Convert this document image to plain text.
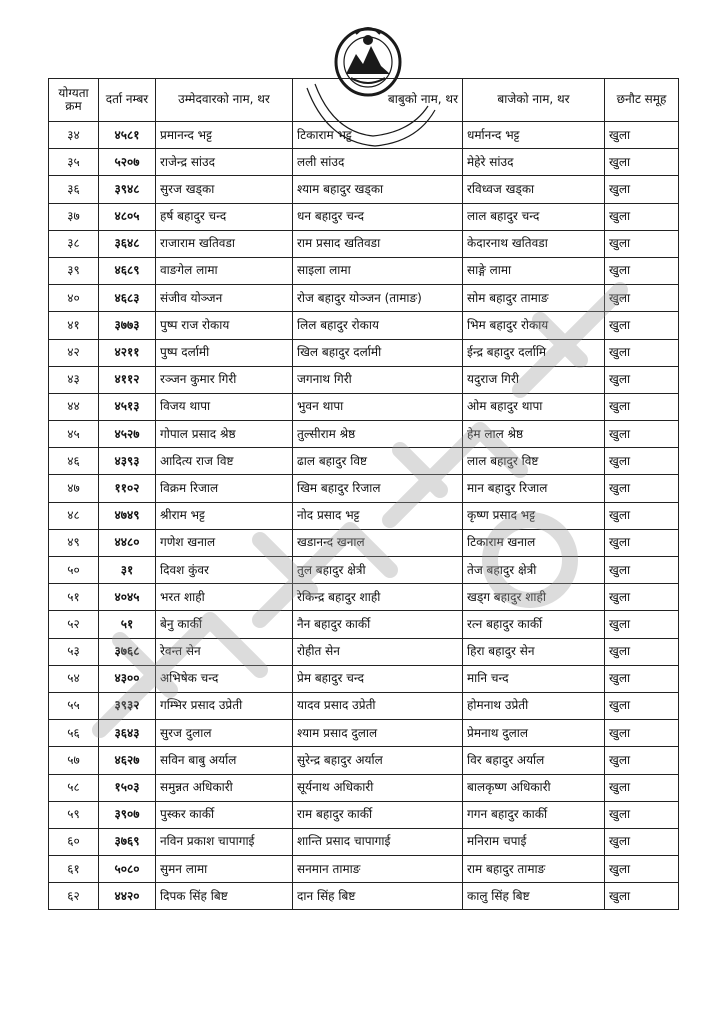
योग्यता क्रम	दर्ता नम्बर	उम्मेदवारको नाम, थर	बाबुको नाम, थर	बाजेको नाम, थर	छनौट समूह
३४	४५८१	प्रमानन्द भट्ट	टिकाराम भट्ट	धर्मानन्द भट्ट	खुला
३५	५२०७	राजेन्द्र सांउद	लली सांउद	मेहेरे सांउद	खुला
३६	३९४८	सुरज खड्का	श्याम बहादुर खड्का	रविध्वज खड्का	खुला
३७	४८०५	हर्ष बहादुर चन्द	धन बहादुर चन्द	लाल बहादुर चन्द	खुला
३८	३६४८	राजाराम खतिवडा	राम प्रसाद खतिवडा	केदारनाथ खतिवडा	खुला
३९	४६८९	वाङगेल लामा	साइला लामा	साङ्गे लामा	खुला
४०	४६८३	संजीव योञ्जन	रोज बहादुर योञ्जन (तामाङ)	सोम बहादुर तामाङ	खुला
४१	३७७३	पुष्प राज रोकाय	लिल बहादुर रोकाय	भिम बहादुर रोकाय	खुला
४२	४२११	पुष्प दर्लामी	खिल बहादुर दर्लामी	ईन्द्र बहादुर दर्लामि	खुला
४३	४११२	रञ्जन कुमार गिरी	जगनाथ गिरी	यदुराज गिरी	खुला
४४	४५१३	विजय थापा	भुवन थापा	ओम बहादुर थापा	खुला
४५	४५२७	गोपाल प्रसाद श्रेष्ठ	तुल्सीराम श्रेष्ठ	हेम लाल श्रेष्ठ	खुला
४६	४३९३	आदित्य राज विष्ट	ढाल बहादुर विष्ट	लाल बहादुर विष्ट	खुला
४७	११०२	विक्रम रिजाल	खिम बहादुर रिजाल	मान बहादुर रिजाल	खुला
४८	४७४९	श्रीराम भट्ट	नोद प्रसाद भट्ट	कृष्ण प्रसाद भट्ट	खुला
४९	४४८०	गणेश खनाल	खडानन्द खनाल	टिकाराम खनाल	खुला
५०	३१	दिवश कुंवर	तुल बहादुर क्षेत्री	तेज बहादुर क्षेत्री	खुला
५१	४०४५	भरत शाही	रेकिन्द्र बहादुर शाही	खड्ग बहादुर शाही	खुला
५२	५१	बेनु कार्की	नैन बहादुर कार्की	रत्न बहादुर कार्की	खुला
५३	३७६८	रेवन्त सेन	रोहीत सेन	हिरा बहादुर सेन	खुला
५४	४३००	अभिषेक चन्द	प्रेम बहादुर चन्द	मानि चन्द	खुला
५५	३९३२	गम्भिर प्रसाद उप्रेती	यादव प्रसाद उप्रेती	होमनाथ उप्रेती	खुला
५६	३६४३	सुरज दुलाल	श्याम प्रसाद दुलाल	प्रेमनाथ दुलाल	खुला
५७	४६२७	सविन बाबु अर्याल	सुरेन्द्र बहादुर अर्याल	विर बहादुर अर्याल	खुला
५८	१५०३	समुन्नत अधिकारी	सूर्यनाथ अधिकारी	बालकृष्ण अधिकारी	खुला
५९	३९०७	पुस्कर कार्की	राम बहादुर कार्की	गगन बहादुर कार्की	खुला
६०	३७६९	नविन प्रकाश चापागाई	शान्ति प्रसाद चापागाई	मनिराम चपाई	खुला
६१	५०८०	सुमन लामा	सनमान तामाङ	राम बहादुर तामाङ	खुला
६२	४४२०	दिपक सिंह बिष्ट	दान सिंह बिष्ट	कालु सिंह बिष्ट	खुला
